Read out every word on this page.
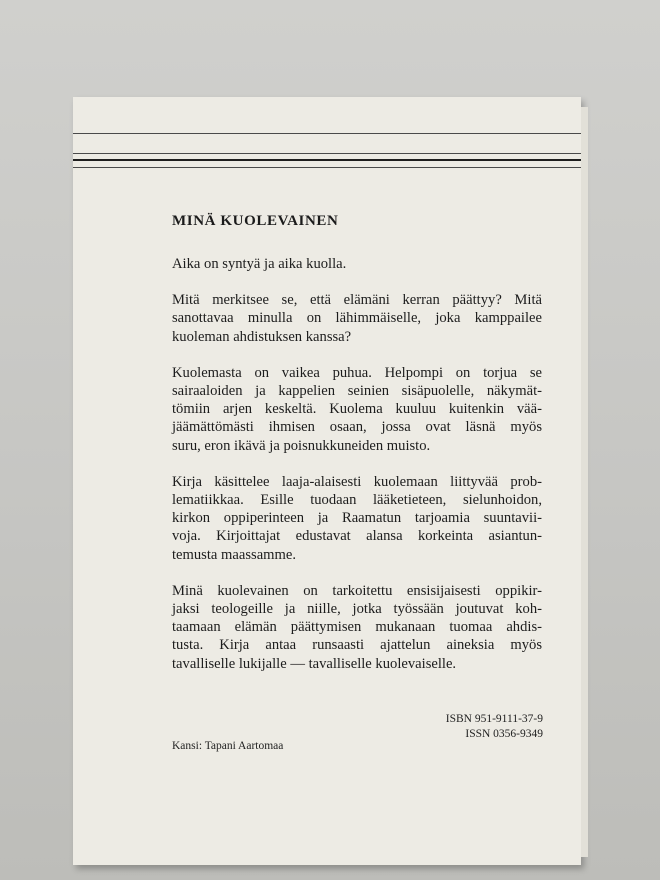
MINÄ KUOLEVAINEN

Aika on syntyä ja aika kuolla.

Mitä merkitsee se, että elämäni kerran päättyy? Mitä
sanottavaa minulla on lähimmäiselle, joka kamppailee
kuoleman ahdistuksen kanssa?

Kuolemasta on vaikea puhua. Helpompi on torjua se
sairaaloiden ja kappelien seinien sisäpuolelle, näkymät-
tömiin arjen keskeltä. Kuolema kuuluu kuitenkin vää-
jäämättömästi ihmisen osaan, jossa ovat läsnä myös
suru, eron ikävä ja poisnukkuneiden muisto.

Kirja käsittelee laaja-alaisesti kuolemaan liittyvää prob-
lematiikkaa. Esille tuodaan lääketieteen, sielunhoidon,
kirkon oppiperinteen ja Raamatun tarjoamia suuntavii-
voja. Kirjoittajat edustavat alansa korkeinta asiantun-
temusta maassamme.

Minä kuolevainen on tarkoitettu ensisijaisesti oppikir-
jaksi teologeille ja niille, jotka työssään joutuvat koh-
taamaan elämän päättymisen mukanaan tuomaa ahdis-
tusta. Kirja antaa runsaasti ajattelun aineksia myös
tavalliselle lukijalle — tavalliselle kuolevaiselle.

ISBN 951-9111-37-9
ISSN 0356-9349
Kansi: Tapani Aartomaa
